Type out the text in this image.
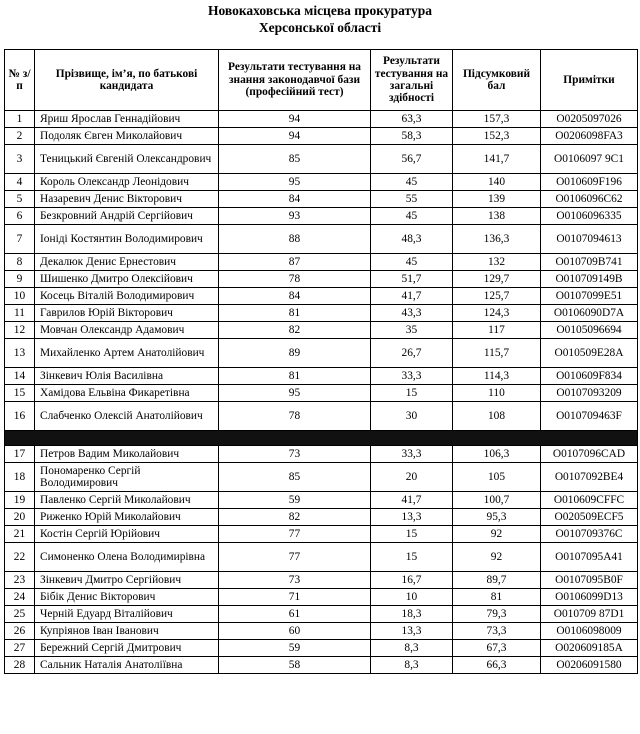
Новокаховська місцева прокуратура
Херсонської області
№ з/п	Прізвище, ім’я, по батькові кандидата	Результати тестування на знання законодавчої бази (професійний тест)	Результати тестування на загальні здібності	Підсумковий бал	Примітки
1	Яриш Ярослав Геннадійович	94	63,3	157,3	О0205097026
2	Подоляк Євген Миколайович	94	58,3	152,3	О0206098FA3
3	Теницький Євгеній Олександрович	85	56,7	141,7	О0106097 9C1
4	Король Олександр Леонідович	95	45	140	О010609F196
5	Назаревич Денис Вікторович	84	55	139	О0106096C62
6	Безкровний Андрій Сергійович	93	45	138	О0106096335
7	Іоніді Костянтин Володимирович	88	48,3	136,3	О0107094613
8	Декалюк Денис Ернестович	87	45	132	О010709В741
9	Шишенко Дмитро Олексійович	78	51,7	129,7	О010709149B
10	Косець Віталій Володимирович	84	41,7	125,7	О0107099E51
11	Гаврилов Юрій Вікторович	81	43,3	124,3	О0106090D7A
12	Мовчан Олександр Адамович	82	35	117	О0105096694
13	Михайленко Артем Анатолійович	89	26,7	115,7	О010509E28A
14	Зінкевич Юлія Василівна	81	33,3	114,3	О010609F834
15	Хамідова Ельвіна Фикаретівна	95	15	110	О0107093209
16	Слабченко Олексій Анатолійович	78	30	108	О010709463F

17	Петров Вадим Миколайович	73	33,3	106,3	О0107096CAD
18	Пономаренко Сергій Володимирович	85	20	105	О0107092BE4
19	Павленко Сергій Миколайович	59	41,7	100,7	О010609CFFC
20	Риженко Юрій Миколайович	82	13,3	95,3	О020509ECF5
21	Костін Сергій Юрійович	77	15	92	О010709376C
22	Симоненко Олена Володимирівна	77	15	92	О0107095A41
23	Зінкевич Дмитро Сергійович	73	16,7	89,7	О0107095B0F
24	Бібік Денис Вікторович	71	10	81	О0106099D13
25	Черній Едуард Віталійович	61	18,3	79,3	О010709 87D1
26	Купріянов Іван Іванович	60	13,3	73,3	О0106098009
27	Бережний Сергій Дмитрович	59	8,3	67,3	О020609185A
28	Сальник Наталія Анатоліївна	58	8,3	66,3	О0206091580
